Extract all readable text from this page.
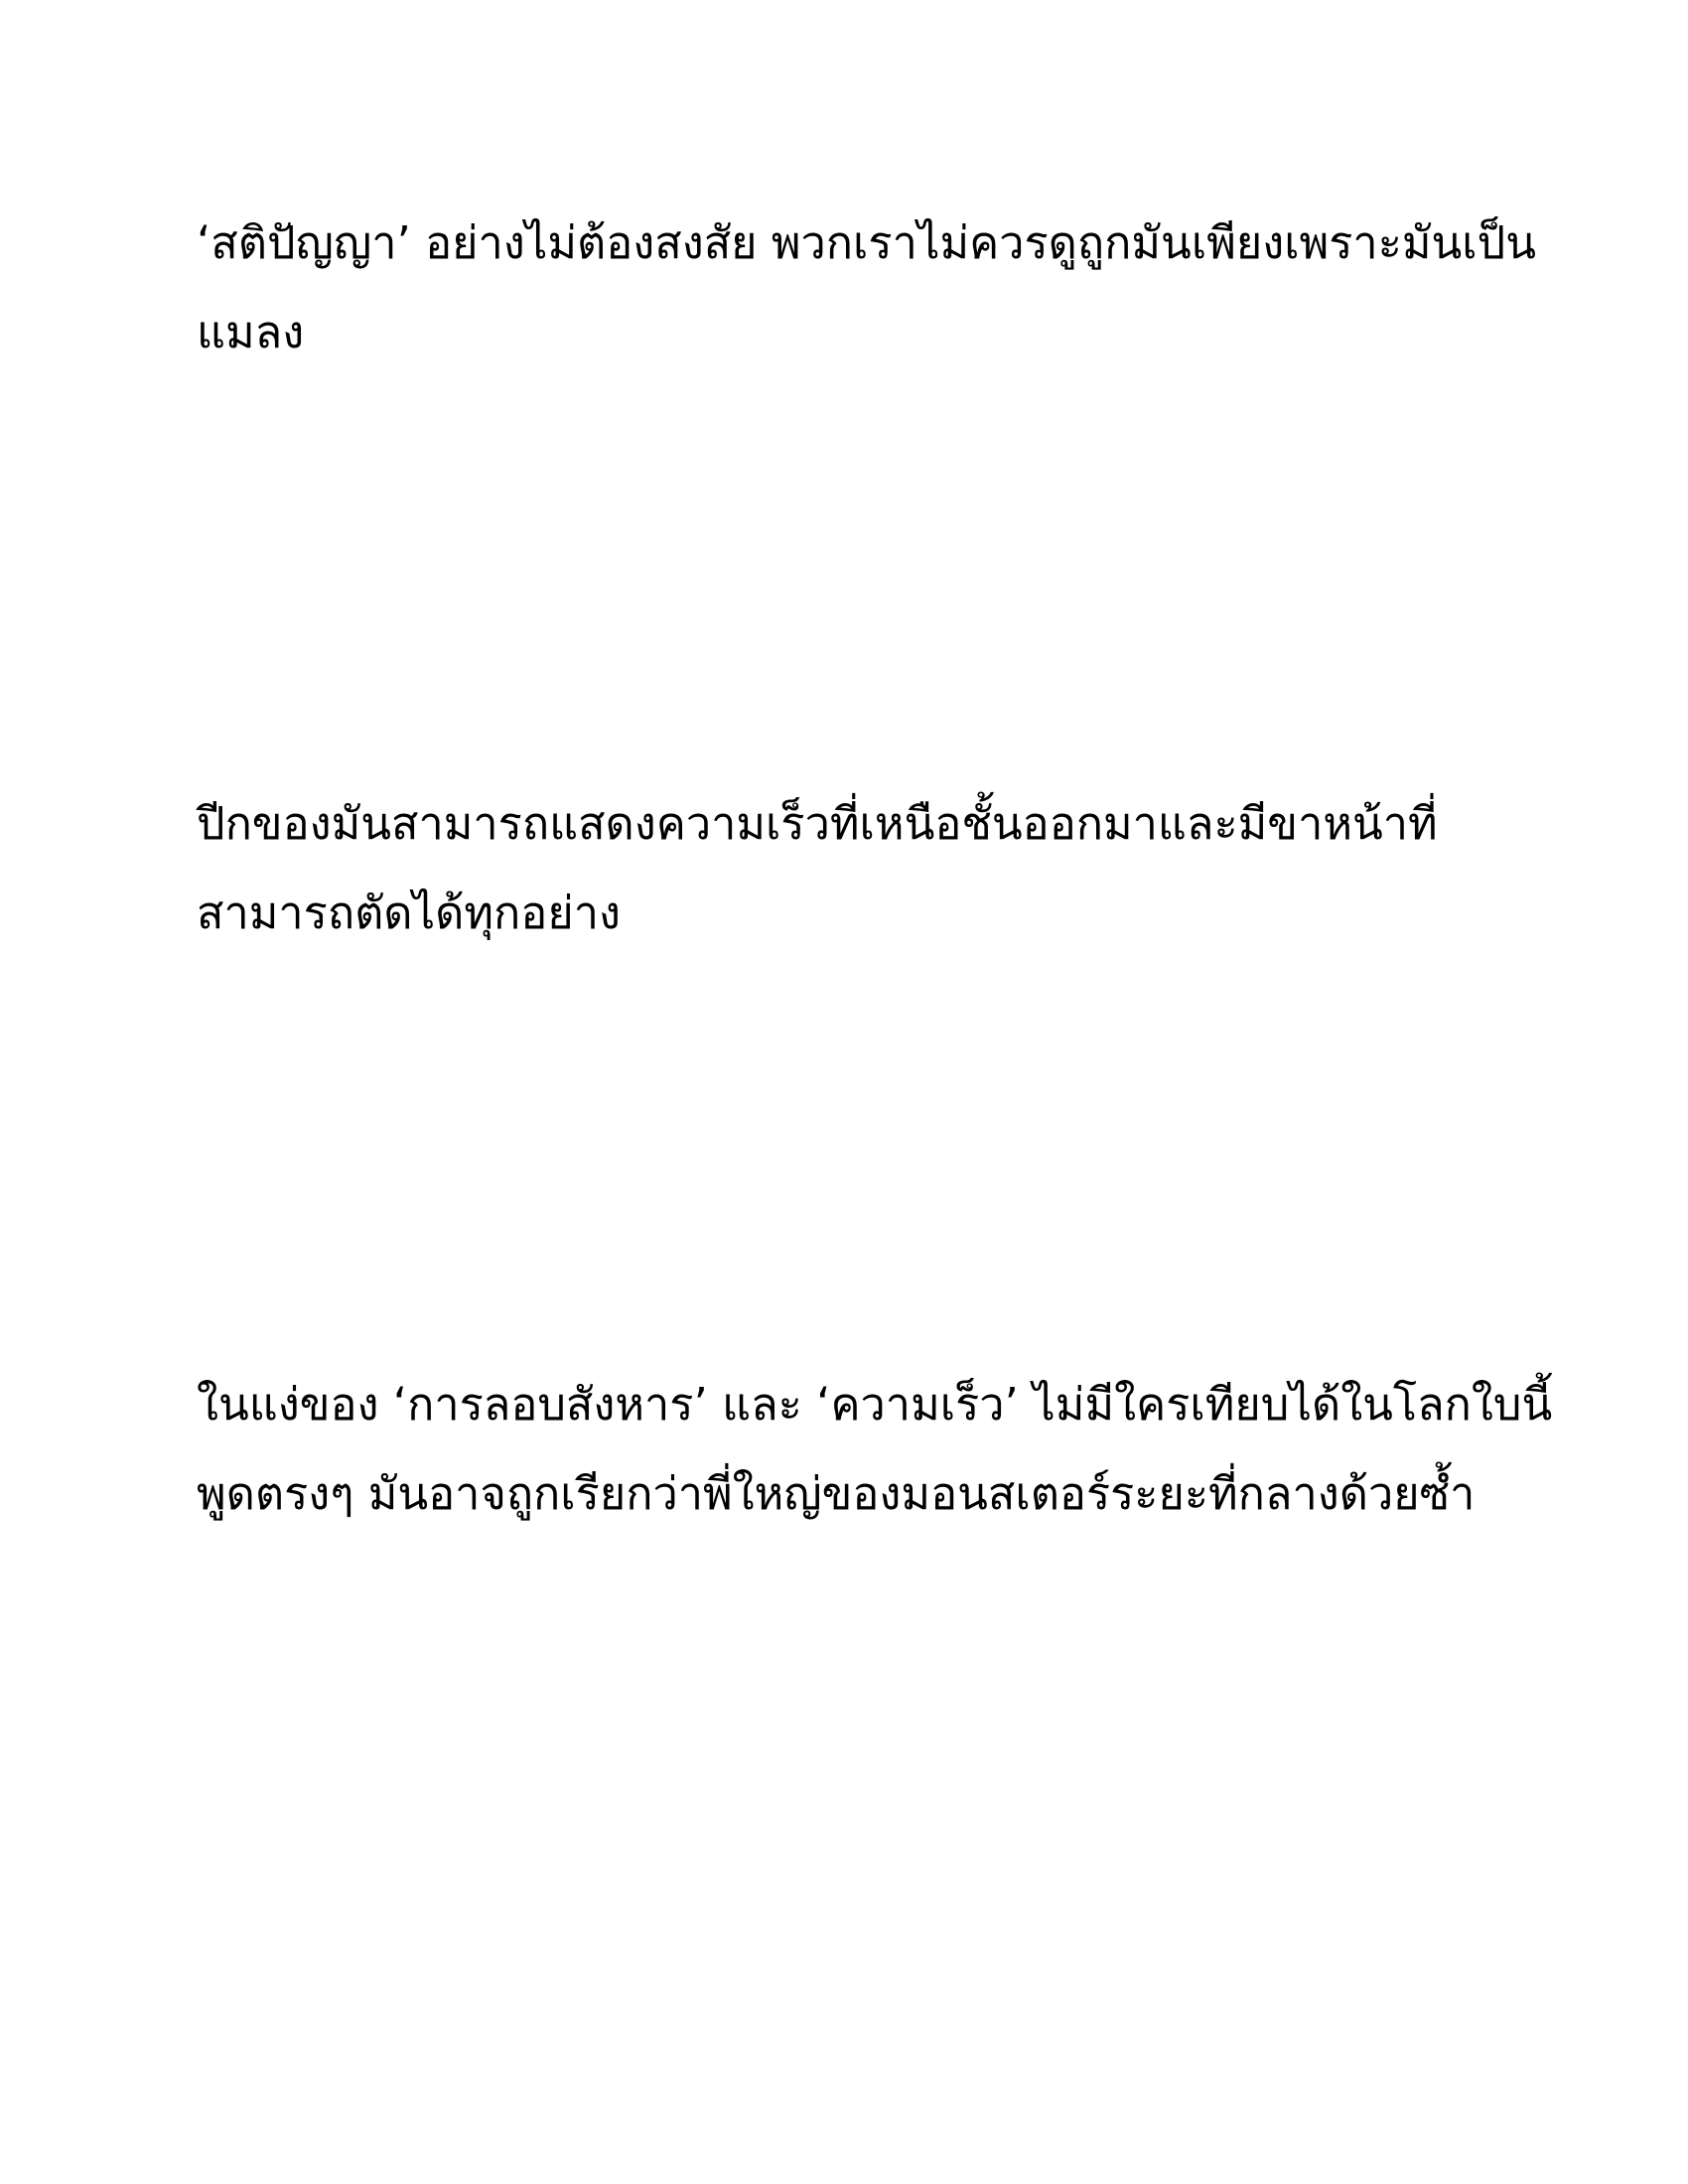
‘สติปัญญา’ อย่างไม่ต้องสงสัย พวกเราไม่ควรดูถูกมันเพียงเพราะมันเป็น

แมลง

ปีกของมันสามารถแสดงความเร็วที่เหนือชั้นออกมาและมีขาหน้าที่

สามารถตัดได้ทุกอย่าง

ในแง่ของ ‘การลอบสังหาร’ และ ‘ความเร็ว’ ไม่มีใครเทียบได้ในโลกใบนี้

พูดตรงๆ มันอาจถูกเรียกว่าพี่ใหญ่ของมอนสเตอร์ระยะที่กลางด้วยซ้ำ
